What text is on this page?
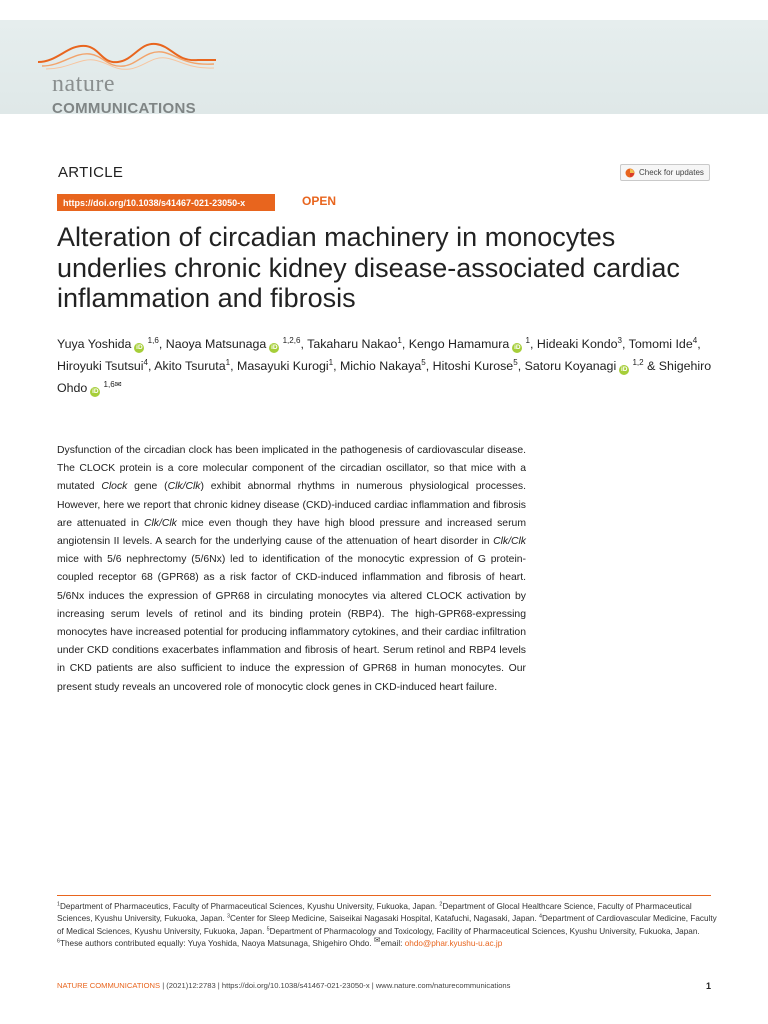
nature
COMMUNICATIONS
ARTICLE	Check for updates
https://doi.org/10.1038/s41467-021-23050-x	OPEN
Alteration of circadian machinery in monocytes underlies chronic kidney disease-associated cardiac inflammation and fibrosis
Yuya Yoshida iD $^{1,6}$, Naoya Matsunaga iD $^{1,2,6}$, Takaharu Nakao$^1$, Kengo Hamamura iD $^1$, Hideaki Kondo$^3$, Tomomi Ide$^4$, Hiroyuki Tsutsui$^4$, Akito Tsuruta$^1$, Masayuki Kurogi$^1$, Michio Nakaya$^5$, Hitoshi Kurose$^5$, Satoru Koyanagi iD $^{1,2}$ & Shigehiro Ohdo iD $^{1,6✉}$
Dysfunction of the circadian clock has been implicated in the pathogenesis of cardiovascular disease. The CLOCK protein is a core molecular component of the circadian oscillator, so that mice with a mutated Clock gene (Clk/Clk) exhibit abnormal rhythms in numerous physiological processes. However, here we report that chronic kidney disease (CKD)-induced cardiac inflammation and fibrosis are attenuated in Clk/Clk mice even though they have high blood pressure and increased serum angiotensin II levels. A search for the underlying cause of the attenuation of heart disorder in Clk/Clk mice with 5/6 nephrectomy (5/6Nx) led to identification of the monocytic expression of G protein-coupled receptor 68 (GPR68) as a risk factor of CKD-induced inflammation and fibrosis of heart. 5/6Nx induces the expression of GPR68 in circulating monocytes via altered CLOCK activation by increasing serum levels of retinol and its binding protein (RBP4). The high-GPR68-expressing monocytes have increased potential for producing inflammatory cytokines, and their cardiac infiltration under CKD conditions exacerbates inflammation and fibrosis of heart. Serum retinol and RBP4 levels in CKD patients are also sufficient to induce the expression of GPR68 in human monocytes. Our present study reveals an uncovered role of monocytic clock genes in CKD-induced heart failure.
$^1$Department of Pharmaceutics, Faculty of Pharmaceutical Sciences, Kyushu University, Fukuoka, Japan. $^2$Department of Glocal Healthcare Science, Faculty of Pharmaceutical Sciences, Kyushu University, Fukuoka, Japan. $^3$Center for Sleep Medicine, Saiseikai Nagasaki Hospital, Katafuchi, Nagasaki, Japan. $^4$Department of Cardiovascular Medicine, Faculty of Medical Sciences, Kyushu University, Fukuoka, Japan. $^5$Department of Pharmacology and Toxicology, Facility of Pharmaceutical Sciences, Kyushu University, Fukuoka, Japan. $^6$These authors contributed equally: Yuya Yoshida, Naoya Matsunaga, Shigehiro Ohdo. ✉email: ohdo@phar.kyushu-u.ac.jp
NATURE COMMUNICATIONS | (2021)12:2783 | https://doi.org/10.1038/s41467-021-23050-x | www.nature.com/naturecommunications	1
